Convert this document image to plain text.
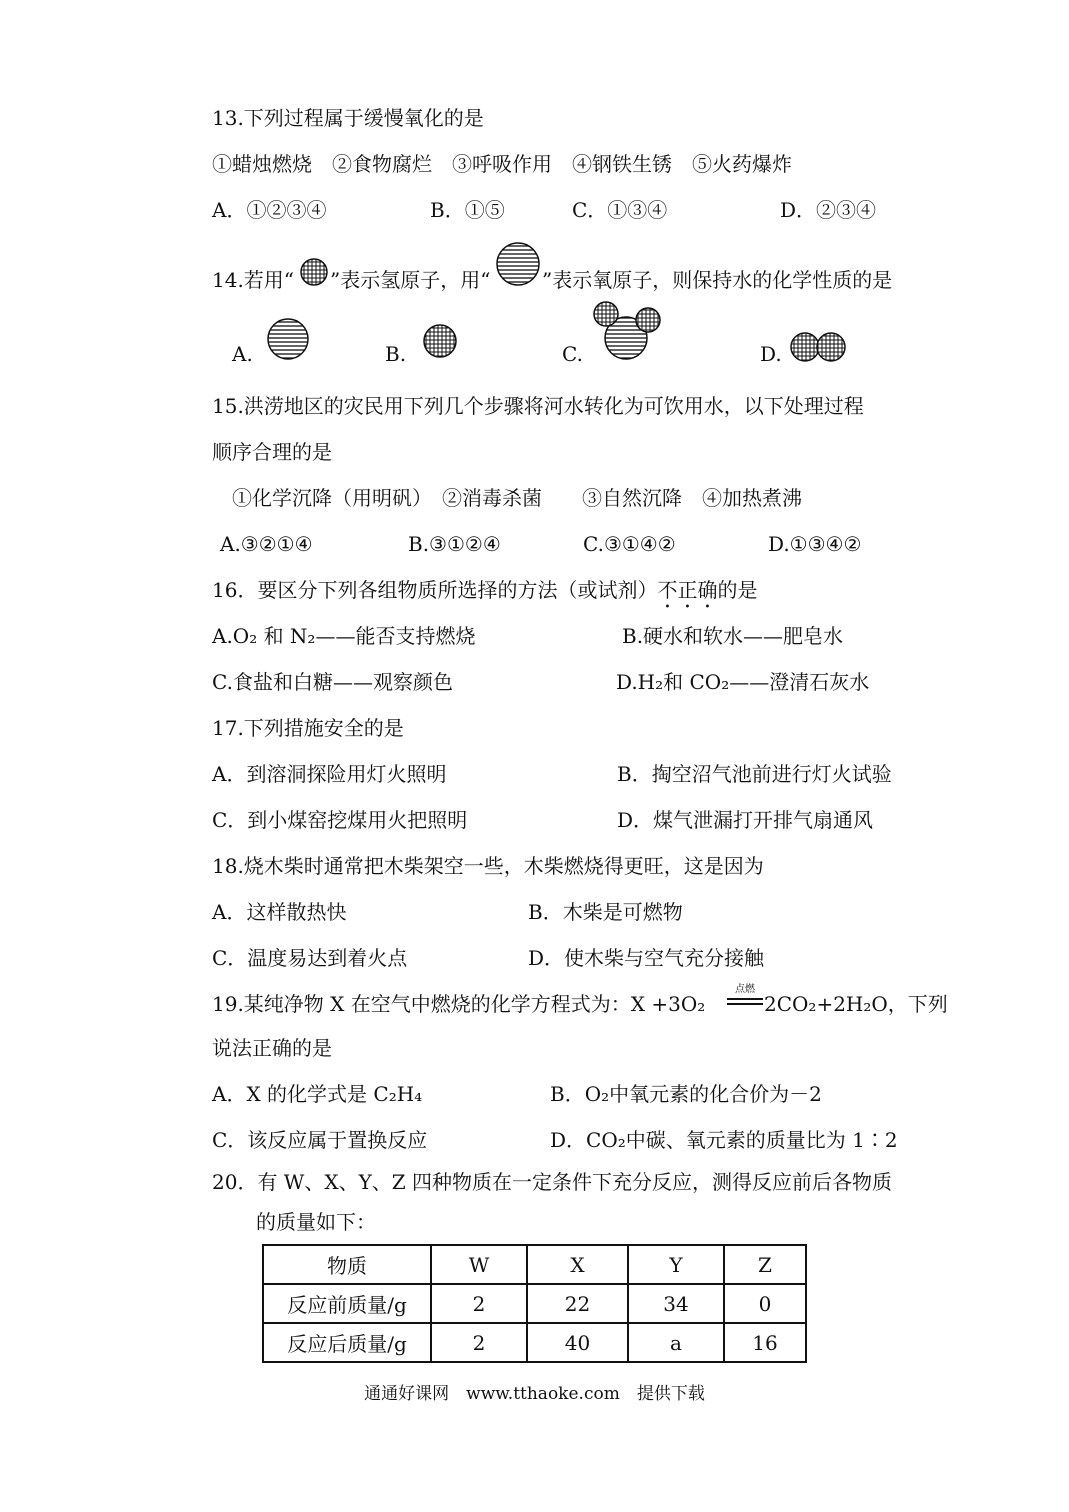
13.下列过程属于缓慢氧化的是
①蜡烛燃烧　②食物腐烂　③呼吸作用　④钢铁生锈　⑤火药爆炸
A．①②③④	B．①⑤	C．①③④	D．②③④
14.若用“ ”表示氢原子，用“	”表示氧原子，则保持水的化学性质的是
A.	B.	C.	D.
15.洪涝地区的灾民用下列几个步骤将河水转化为可饮用水，以下处理过程
顺序合理的是
①化学沉降（用明矾）　②消毒杀菌　　③自然沉降　④加热煮沸
A.③②①④	B.③①②④	C.③①④②	D.①③④②
16．要区分下列各组物质所选择的方法（或试剂）不正确的是
A.O₂ 和 N₂——能否支持燃烧	B.硬水和软水——肥皂水
C.食盐和白糖——观察颜色	D.H₂和 CO₂——澄清石灰水
17.下列措施安全的是
A．到溶洞探险用灯火照明	B．掏空沼气池前进行灯火试验
C．到小煤窑挖煤用火把照明	D．煤气泄漏打开排气扇通风
18.烧木柴时通常把木柴架空一些，木柴燃烧得更旺，这是因为
A．这样散热快	B．木柴是可燃物
C．温度易达到着火点	D．使木柴与空气充分接触
19.某纯净物 X 在空气中燃烧的化学方程式为：X +3O₂
点燃
2CO₂+2H₂O，下列
说法正确的是
A．X 的化学式是 C₂H₄	B．O₂中氧元素的化合价为－2
C．该反应属于置换反应	D．CO₂中碳、氧元素的质量比为 1∶2
20．有 W、X、Y、Z 四种物质在一定条件下充分反应，测得反应前后各物质
的质量如下：
物质	W	X	Y	Z
反应前质量/g	2	22	34	0
反应后质量/g	2	40	a	16
通通好课网　www.tthaoke.com　提供下载
